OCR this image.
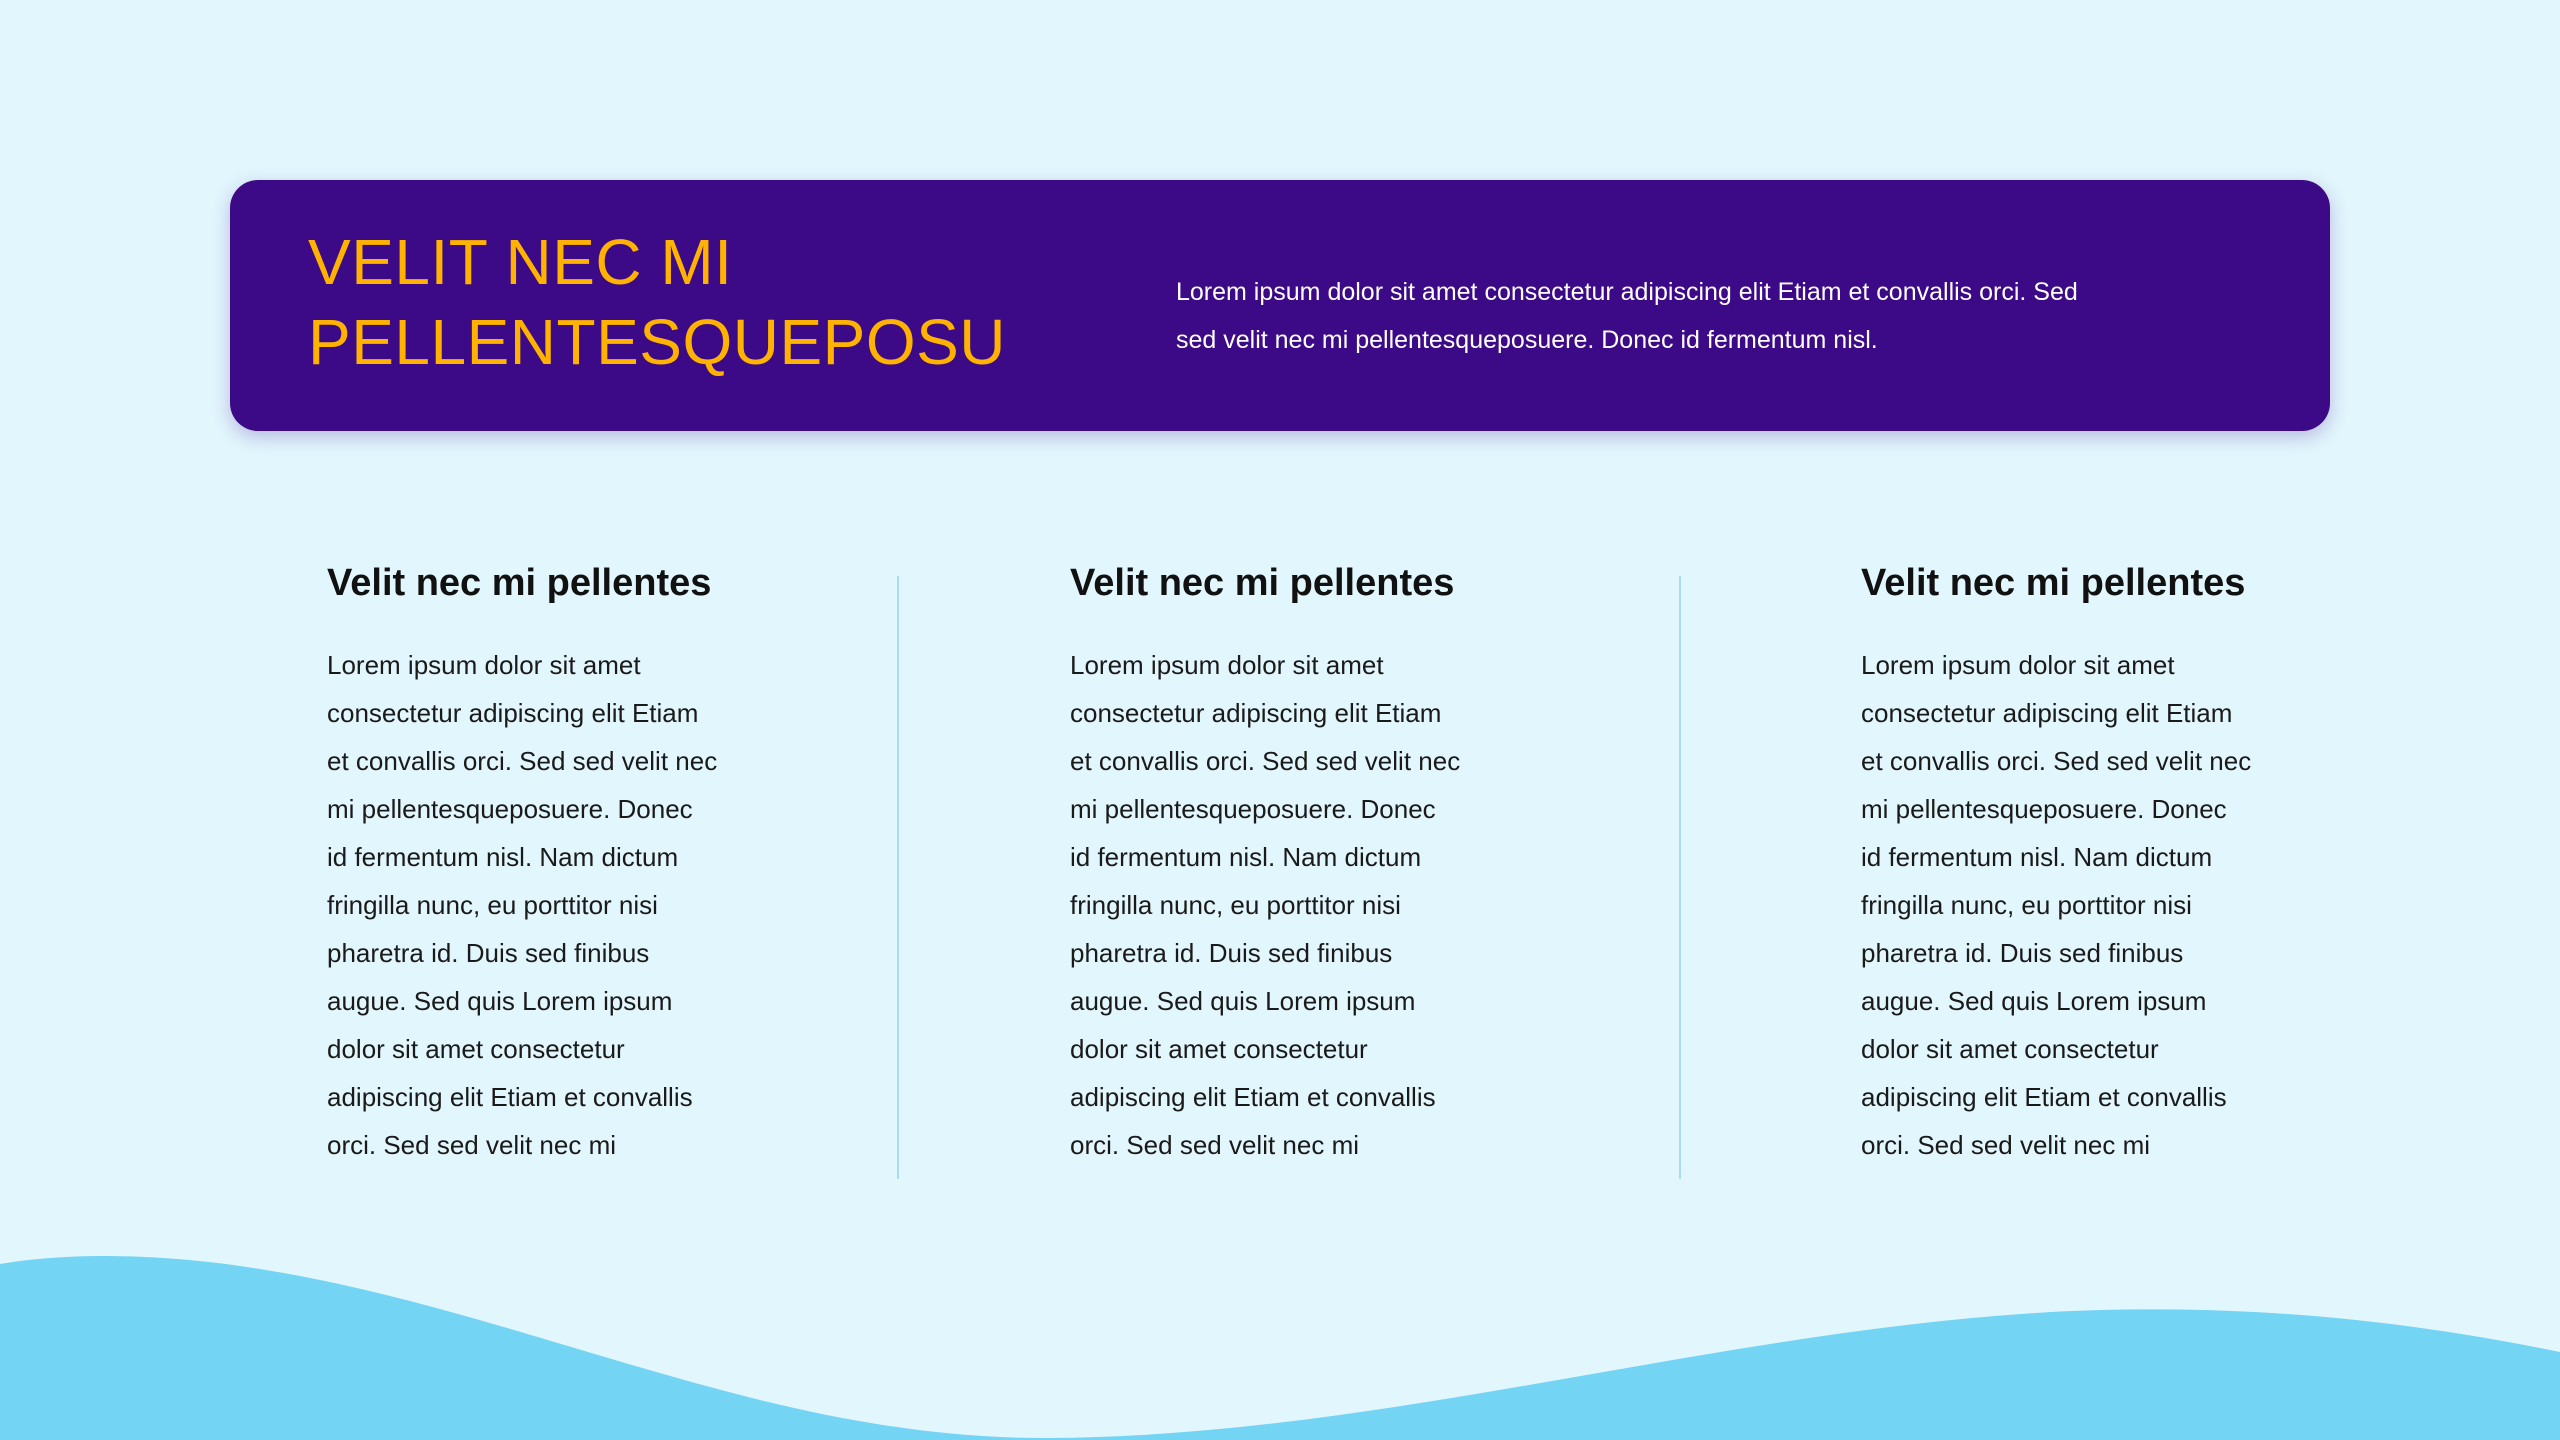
VELIT NEC MI
PELLENTESQUEPOSU

Lorem ipsum dolor sit amet consectetur adipiscing elit Etiam et convallis orci. Sed
sed velit nec mi pellentesqueposuere. Donec id fermentum nisl.

Velit nec mi pellentes

Lorem ipsum dolor sit amet
consectetur adipiscing elit Etiam
et convallis orci. Sed sed velit nec
mi pellentesqueposuere. Donec
id fermentum nisl. Nam dictum
fringilla nunc, eu porttitor nisi
pharetra id. Duis sed finibus
augue. Sed quis Lorem ipsum
dolor sit amet consectetur
adipiscing elit Etiam et convallis
orci. Sed sed velit nec mi

Velit nec mi pellentes

Lorem ipsum dolor sit amet
consectetur adipiscing elit Etiam
et convallis orci. Sed sed velit nec
mi pellentesqueposuere. Donec
id fermentum nisl. Nam dictum
fringilla nunc, eu porttitor nisi
pharetra id. Duis sed finibus
augue. Sed quis Lorem ipsum
dolor sit amet consectetur
adipiscing elit Etiam et convallis
orci. Sed sed velit nec mi

Velit nec mi pellentes

Lorem ipsum dolor sit amet
consectetur adipiscing elit Etiam
et convallis orci. Sed sed velit nec
mi pellentesqueposuere. Donec
id fermentum nisl. Nam dictum
fringilla nunc, eu porttitor nisi
pharetra id. Duis sed finibus
augue. Sed quis Lorem ipsum
dolor sit amet consectetur
adipiscing elit Etiam et convallis
orci. Sed sed velit nec mi
